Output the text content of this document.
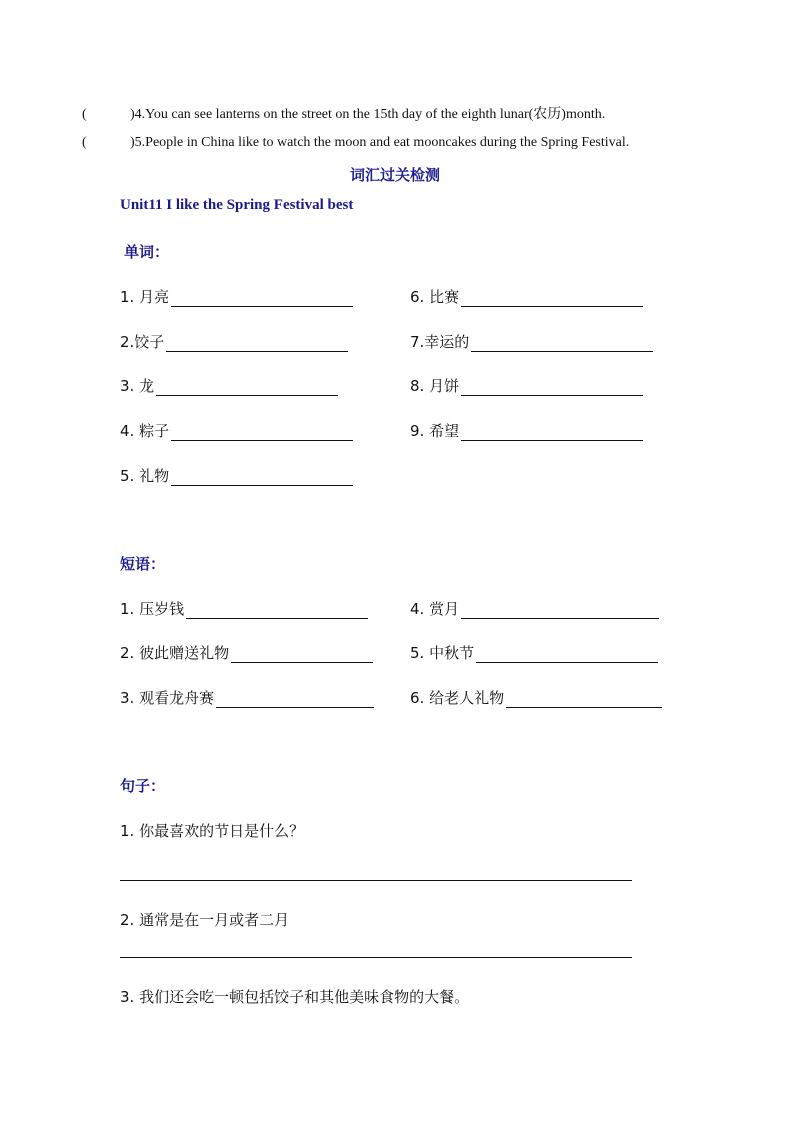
(	)4.You can see lanterns on the street on the 15th day of the eighth lunar(农历)month.
(	)5.People in China like to watch the moon and eat mooncakes during the Spring Festival.
词汇过关检测
Unit11 I like the Spring Festival best
单词：
1. 月亮
2.饺子
3. 龙
4. 粽子
5. 礼物
6. 比赛
7.幸运的
8. 月饼
9. 希望
短语：
1. 压岁钱
2. 彼此赠送礼物
3. 观看龙舟赛
4. 赏月
5. 中秋节
6. 给老人礼物
句子：
1. 你最喜欢的节日是什么？
2. 通常是在一月或者二月
3. 我们还会吃一顿包括饺子和其他美味食物的大餐。
